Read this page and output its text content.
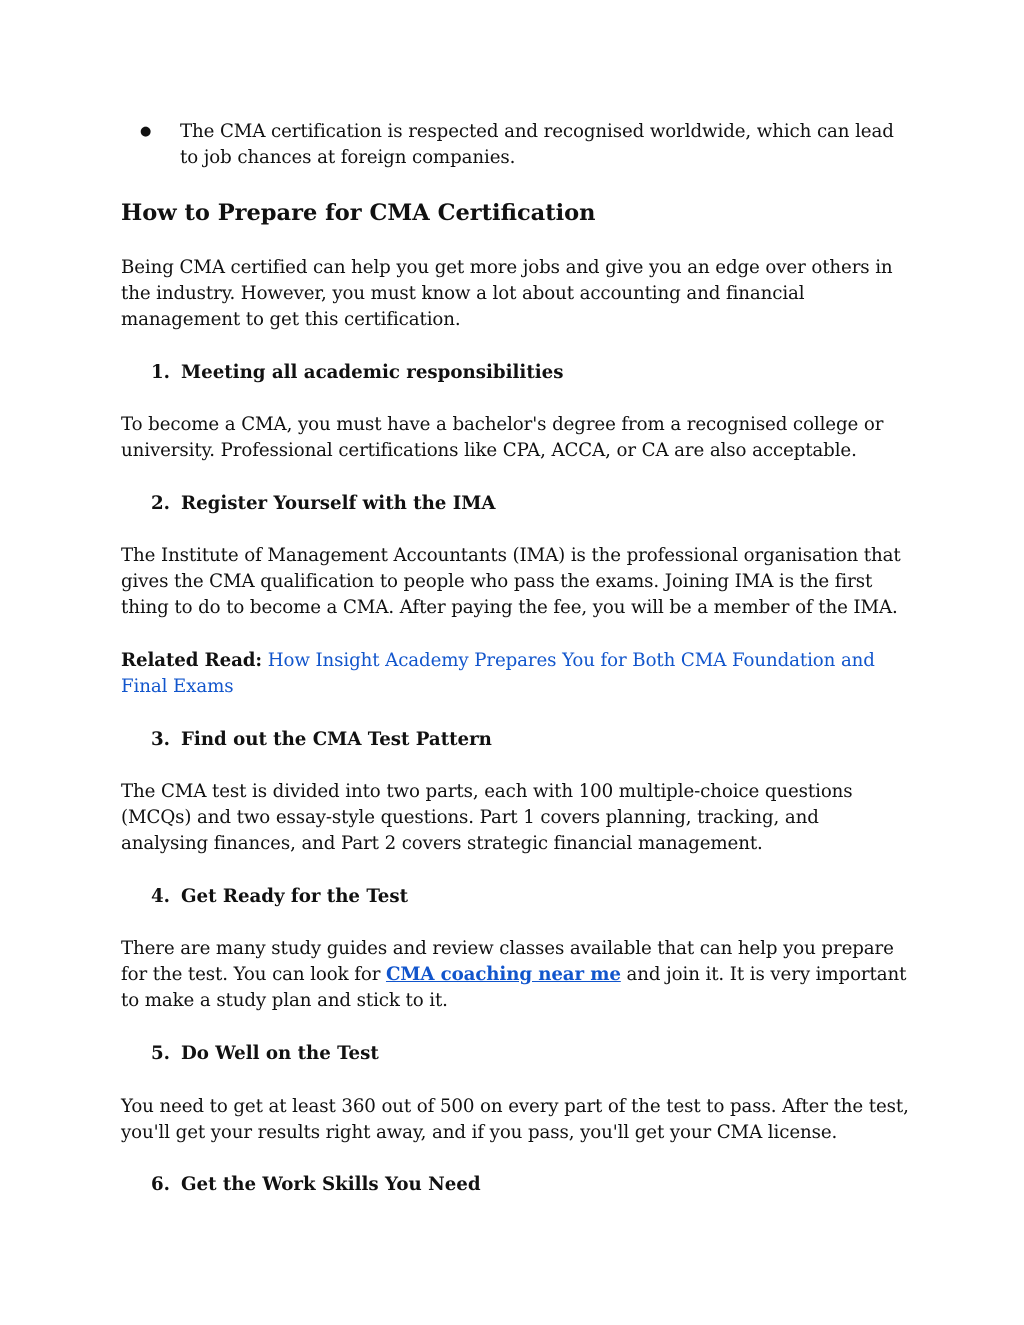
● The CMA certification is respected and recognised worldwide, which can lead to job chances at foreign companies.

How to Prepare for CMA Certification

Being CMA certified can help you get more jobs and give you an edge over others in the industry. However, you must know a lot about accounting and financial management to get this certification.

1. Meeting all academic responsibilities

To become a CMA, you must have a bachelor's degree from a recognised college or university. Professional certifications like CPA, ACCA, or CA are also acceptable.

2. Register Yourself with the IMA

The Institute of Management Accountants (IMA) is the professional organisation that gives the CMA qualification to people who pass the exams. Joining IMA is the first thing to do to become a CMA. After paying the fee, you will be a member of the IMA.

Related Read: How Insight Academy Prepares You for Both CMA Foundation and Final Exams

3. Find out the CMA Test Pattern

The CMA test is divided into two parts, each with 100 multiple-choice questions (MCQs) and two essay-style questions. Part 1 covers planning, tracking, and analysing finances, and Part 2 covers strategic financial management.

4. Get Ready for the Test

There are many study guides and review classes available that can help you prepare for the test. You can look for CMA coaching near me and join it. It is very important to make a study plan and stick to it.

5. Do Well on the Test

You need to get at least 360 out of 500 on every part of the test to pass. After the test, you'll get your results right away, and if you pass, you'll get your CMA license.

6. Get the Work Skills You Need
